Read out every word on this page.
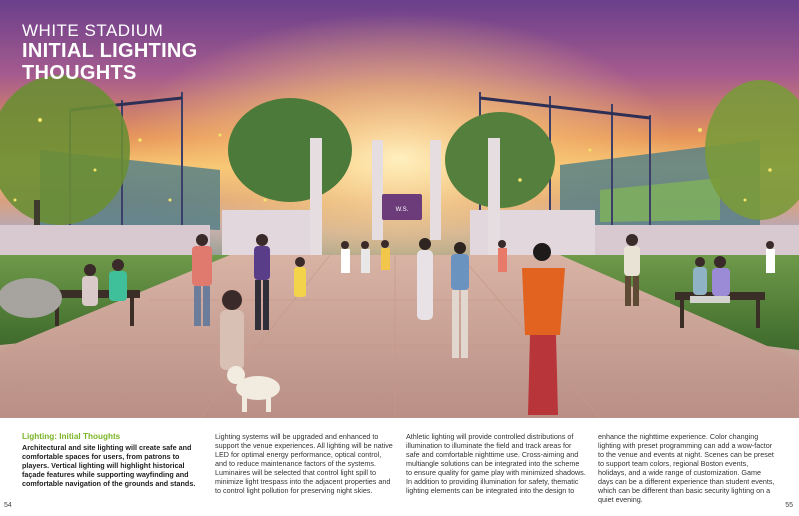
W.S.
WHITE STADIUM
INITIAL LIGHTING
THOUGHTS
Lighting: Initial Thoughts

Architectural and site lighting will create safe and comfortable spaces for users, from patrons to players. Vertical lighting will highlight historical façade features while supporting wayfinding and comfortable navigation of the grounds and stands.

Lighting systems will be upgraded and enhanced to support the venue experiences. All lighting will be native LED for optimal energy performance, optical control, and to reduce maintenance factors of the systems. Luminaires will be selected that control light spill to minimize light trespass into the adjacent properties and to control light pollution for preserving night skies.

Athletic lighting will provide controlled distributions of illumination to illuminate the field and track areas for safe and comfortable nighttime use. Cross-aiming and multiangle solutions can be integrated into the scheme to ensure quality for game play with minimized shadows. In addition to providing illumination for safety, thematic lighting elements can be integrated into the design to

enhance the nighttime experience. Color changing lighting with preset programming can add a wow-factor to the venue and events at night. Scenes can be preset to support team colors, regional Boston events, holidays, and a wide range of customization. Game days can be a different experience than student events, which can be different than basic security lighting on a quiet evening.

54	55
